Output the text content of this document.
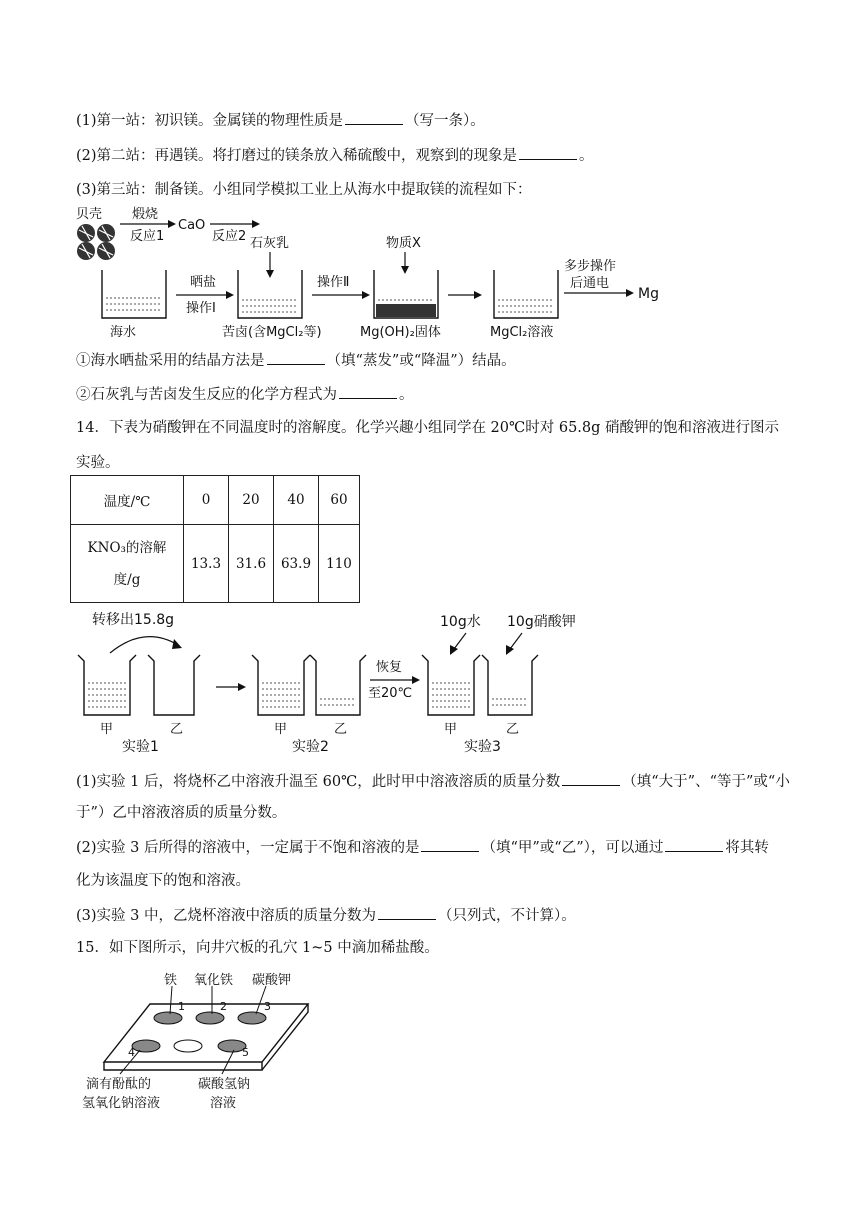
(1)第一站：初识镁。金属镁的物理性质是	（写一条）。
(2)第二站：再遇镁。将打磨过的镁条放入稀硫酸中，观察到的现象是	。
(3)第三站：制备镁。小组同学模拟工业上从海水中提取镁的流程如下：
贝壳 煅烧
反应1
CaO
反应2 石灰乳	物质X
海水
晒盐
操作Ⅰ
苦卤(含MgCl₂等)
操作Ⅱ
Mg(OH)₂固体	MgCl₂溶液
多步操作
后通电
Mg
①海水晒盐采用的结晶方法是	（填“蒸发”或“降温”）结晶。
②石灰乳与苦卤发生反应的化学方程式为	。
14．下表为硝酸钾在不同温度时的溶解度。化学兴趣小组同学在 20℃时对 65.8g 硝酸钾的饱和溶液进行图示
实验。
温度/℃	0	20	40	60

KNO₃的溶解
度/g	13.3	31.6	63.9	110
转移出15.8g
甲	乙
实验1
甲	乙
实验2
恢复
至20℃
10g水 10g硝酸钾
甲	乙
实验3
(1)实验 1 后，将烧杯乙中溶液升温至 60℃，此时甲中溶液溶质的质量分数	（填“大于”、“等于”或“小
于”）乙中溶液溶质的质量分数。
(2)实验 3 后所得的溶液中，一定属于不饱和溶液的是	（填“甲”或“乙”），可以通过	将其转
化为该温度下的饱和溶液。
(3)实验 3 中，乙烧杯溶液中溶质的质量分数为	（只列式，不计算）。
15．如下图所示，向井穴板的孔穴 1~5 中滴加稀盐酸。
铁 氧化铁 碳酸钾
1	2	3
4	5
滴有酚酞的
氢氧化钠溶液
碳酸氢钠
溶液
